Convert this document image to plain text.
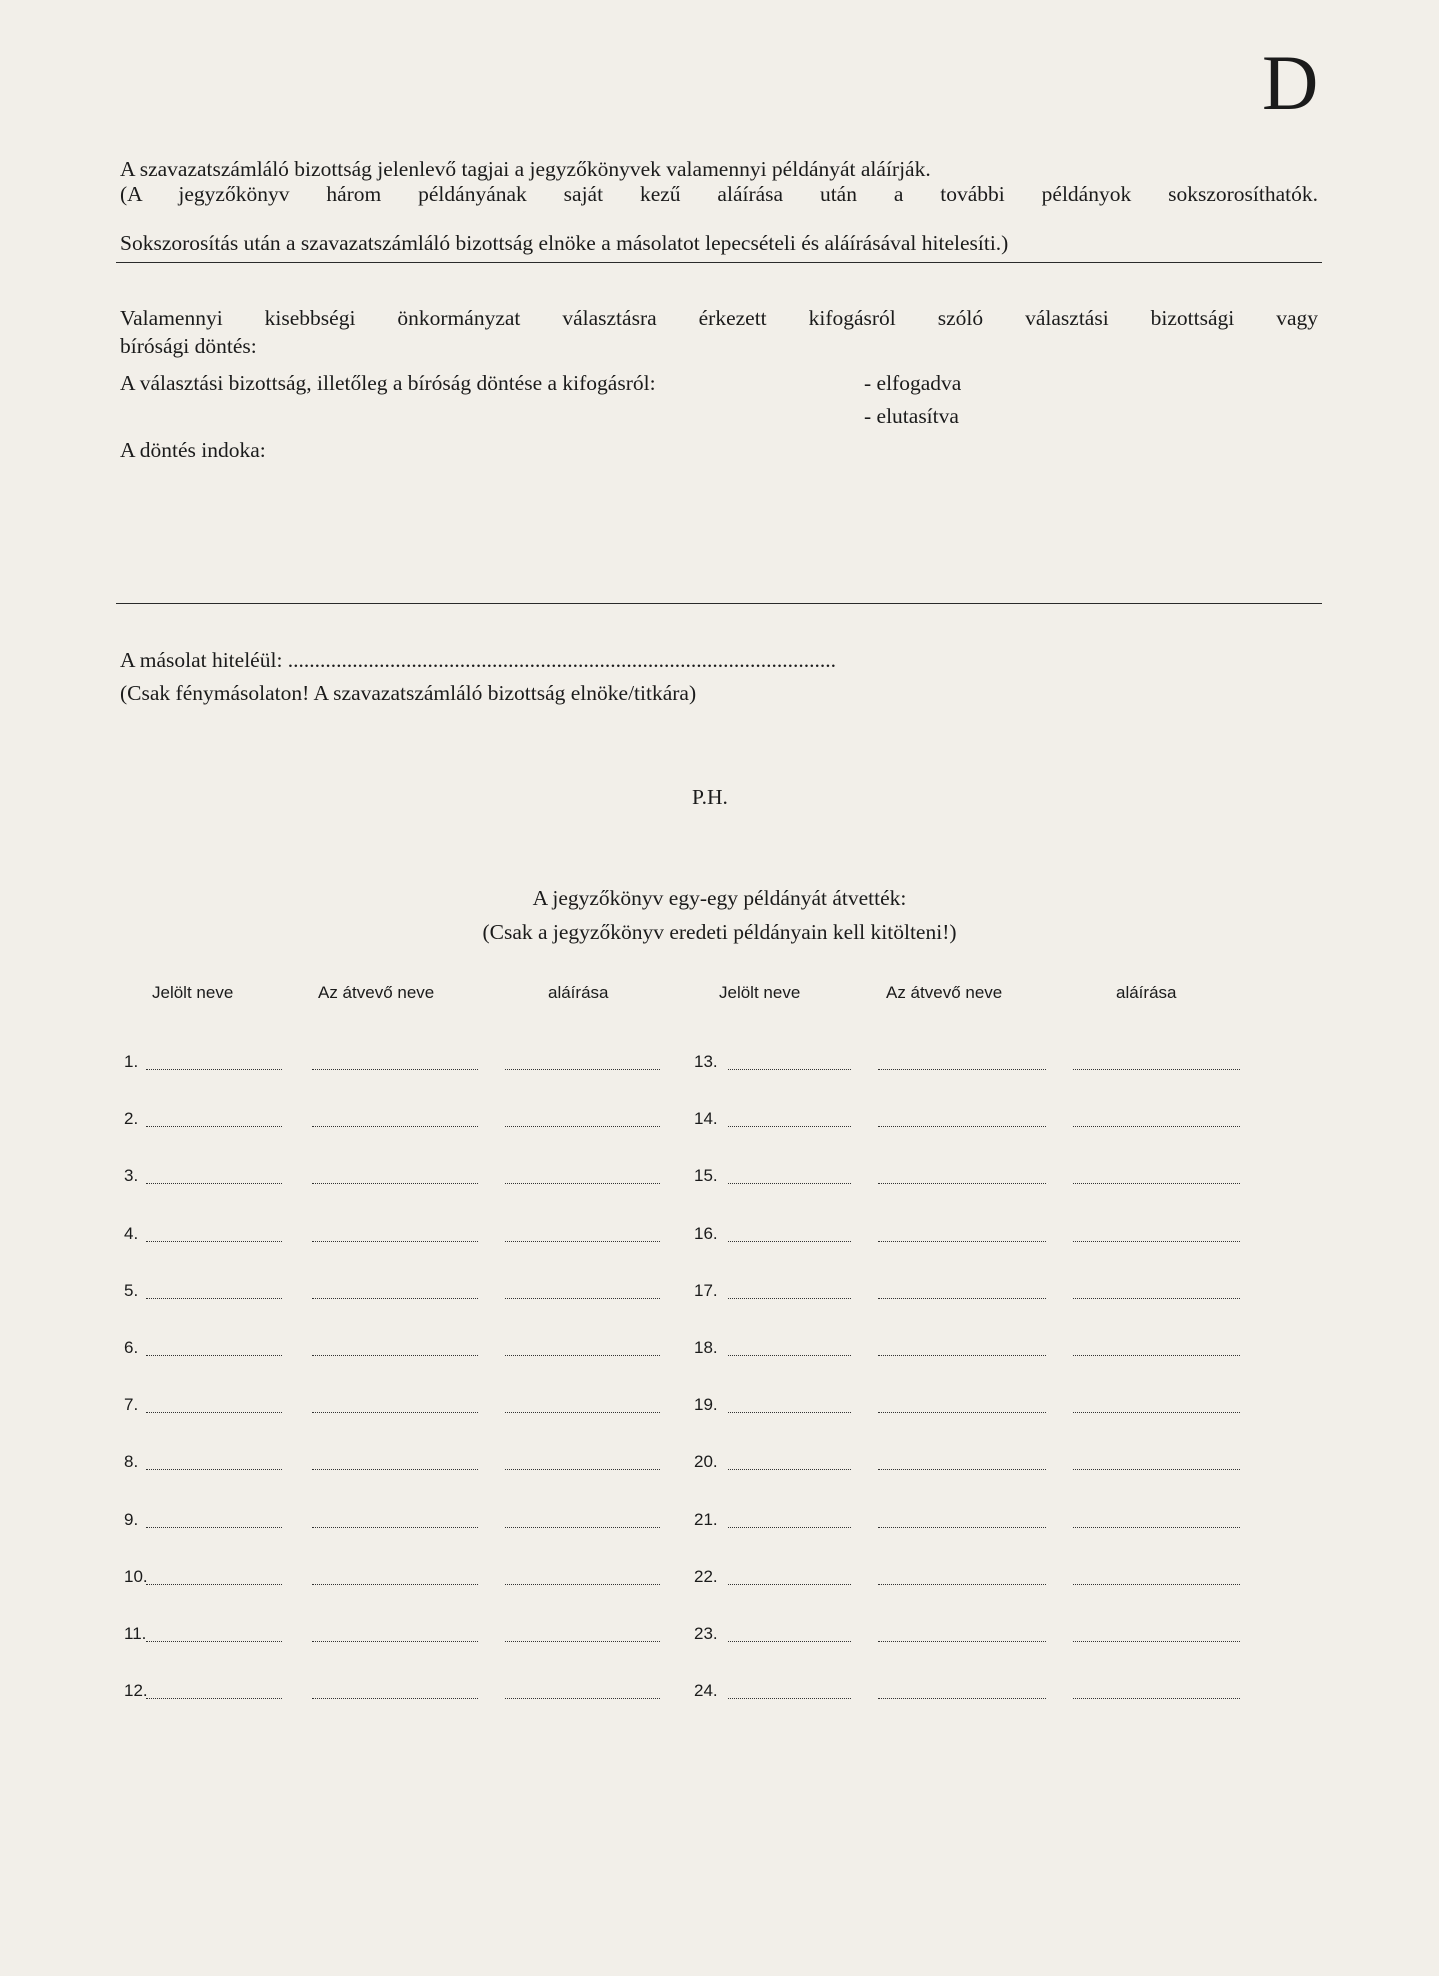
D
A szavazatszámláló bizottság jelenlevő tagjai a jegyzőkönyvek valamennyi példányát aláírják.
(A jegyzőkönyv három példányának saját kezű aláírása után a további példányok sokszorosíthatók.
Sokszorosítás után a szavazatszámláló bizottság elnöke a másolatot lepecsételi és aláírásával hitelesíti.)
Valamennyi kisebbségi önkormányzat választásra érkezett kifogásról szóló választási bizottsági vagy
bírósági döntés:
A választási bizottság, illetőleg a bíróság döntése a kifogásról:	- elfogadva
- elutasítva
A döntés indoka:
A másolat hiteléül: ......................................................................................................
(Csak fénymásolaton! A szavazatszámláló bizottság elnöke/titkára)
P.H.
A jegyzőkönyv egy-egy példányát átvették:
(Csak a jegyzőkönyv eredeti példányain kell kitölteni!)
Jelölt neve	Az átvevő neve	aláírása	Jelölt neve	Az átvevő neve	aláírása
1.	13.
2.	14.
3.	15.
4.	16.
5.	17.
6.	18.
7.	19.
8.	20.
9.	21.
10.	22.
11.	23.
12.	24.
